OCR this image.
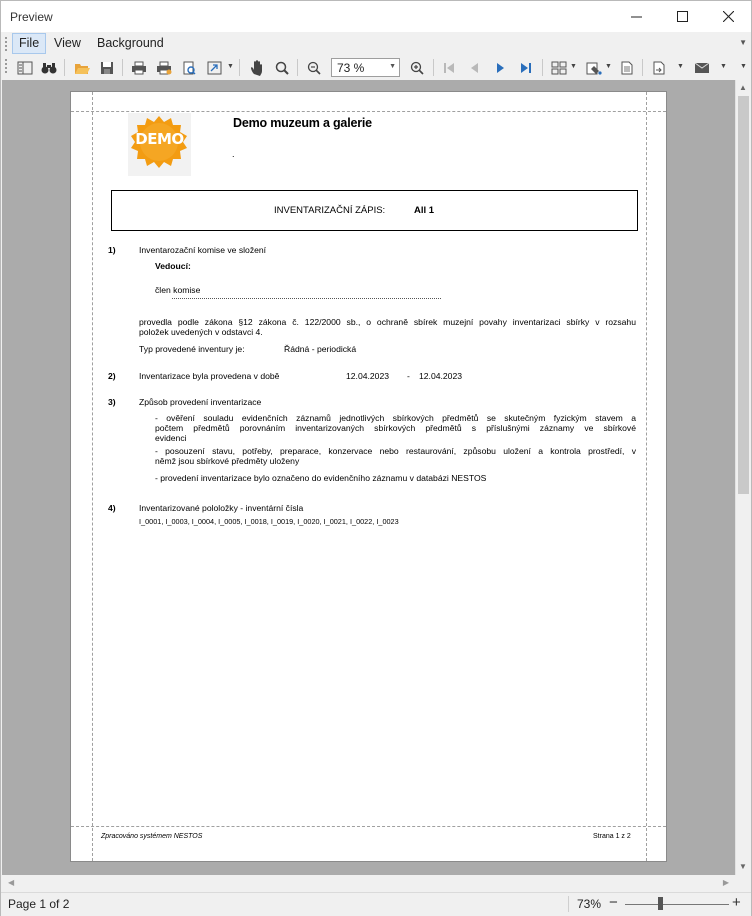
Preview
File	View	Background	▼
▼	73 %	▼	▼	▼	▼	▼ ▼
DEMO
Demo muzeum a galerie
.
INVENTARIZAČNÍ ZÁPIS:	All 1
1)	Inventarozační komise ve složení
Vedoucí:
člen komise
provedla podle zákona §12 zákona č. 122/2000 sb., o ochraně sbírek muzejní povahy inventarizaci sbírky v rozsahu
položek uvedených v odstavci 4.
Typ provedené inventury je:	Řádná - periodická
2)	Inventarizace byla provedena v době	12.04.2023 - 12.04.2023
3)	Způsob provedení inventarizace
- ověření souladu evidenčních záznamů jednotlivých sbírkových předmětů se skutečným fyzickým stavem a
počtem předmětů porovnáním inventarizovaných sbírkových předmětů s příslušnými záznamy ve sbírkové
evidenci
- posouzení stavu, potřeby, preparace, konzervace nebo restaurování, způsobu uložení a kontrola prostředí, v
němž jsou sbírkové předměty uloženy
- provedení inventarizace bylo označeno do evidenčního záznamu v databázi NESTOS
4)	Inventarizované pololožky - inventární čísla
I_0001, I_0003, I_0004, I_0005, I_0018, I_0019, I_0020, I_0021, I_0022, I_0023
Zpracováno systémem NESTOS	Strana 1 z 2
▲
▼
◀	▶
Page 1 of 2	73% −	+
